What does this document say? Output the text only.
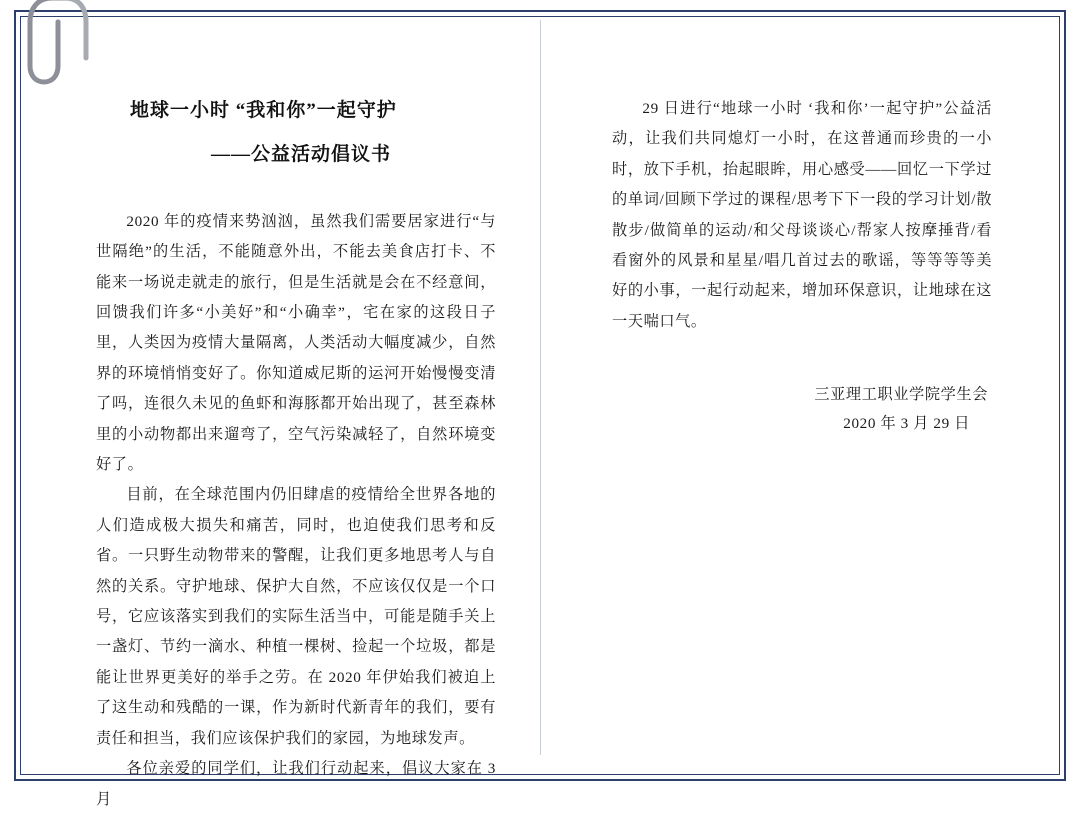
地球一小时 “我和你”一起守护
——公益活动倡议书

2020 年的疫情来势汹汹，虽然我们需要居家进行“与世隔绝”的生活，不能随意外出，不能去美食店打卡、不能来一场说走就走的旅行，但是生活就是会在不经意间，回馈我们许多“小美好”和“小确幸”，宅在家的这段日子里，人类因为疫情大量隔离，人类活动大幅度减少，自然界的环境悄悄变好了。你知道威尼斯的运河开始慢慢变清了吗，连很久未见的鱼虾和海豚都开始出现了，甚至森林里的小动物都出来遛弯了，空气污染减轻了，自然环境变好了。

目前，在全球范围内仍旧肆虐的疫情给全世界各地的人们造成极大损失和痛苦，同时，也迫使我们思考和反省。一只野生动物带来的警醒，让我们更多地思考人与自然的关系。守护地球、保护大自然，不应该仅仅是一个口号，它应该落实到我们的实际生活当中，可能是随手关上一盏灯、节约一滴水、种植一棵树、捡起一个垃圾，都是能让世界更美好的举手之劳。在 2020 年伊始我们被迫上了这生动和残酷的一课，作为新时代新青年的我们，要有责任和担当，我们应该保护我们的家园，为地球发声。

各位亲爱的同学们，让我们行动起来，倡议大家在 3 月

29 日进行“地球一小时 ‘我和你’一起守护”公益活动，让我们共同熄灯一小时，在这普通而珍贵的一小时，放下手机，抬起眼眸，用心感受——回忆一下学过的单词/回顾下学过的课程/思考下下一段的学习计划/散散步/做简单的运动/和父母谈谈心/帮家人按摩捶背/看看窗外的风景和星星/唱几首过去的歌谣，等等等等美好的小事，一起行动起来，增加环保意识，让地球在这一天喘口气。

三亚理工职业学院学生会
2020 年 3 月 29 日
